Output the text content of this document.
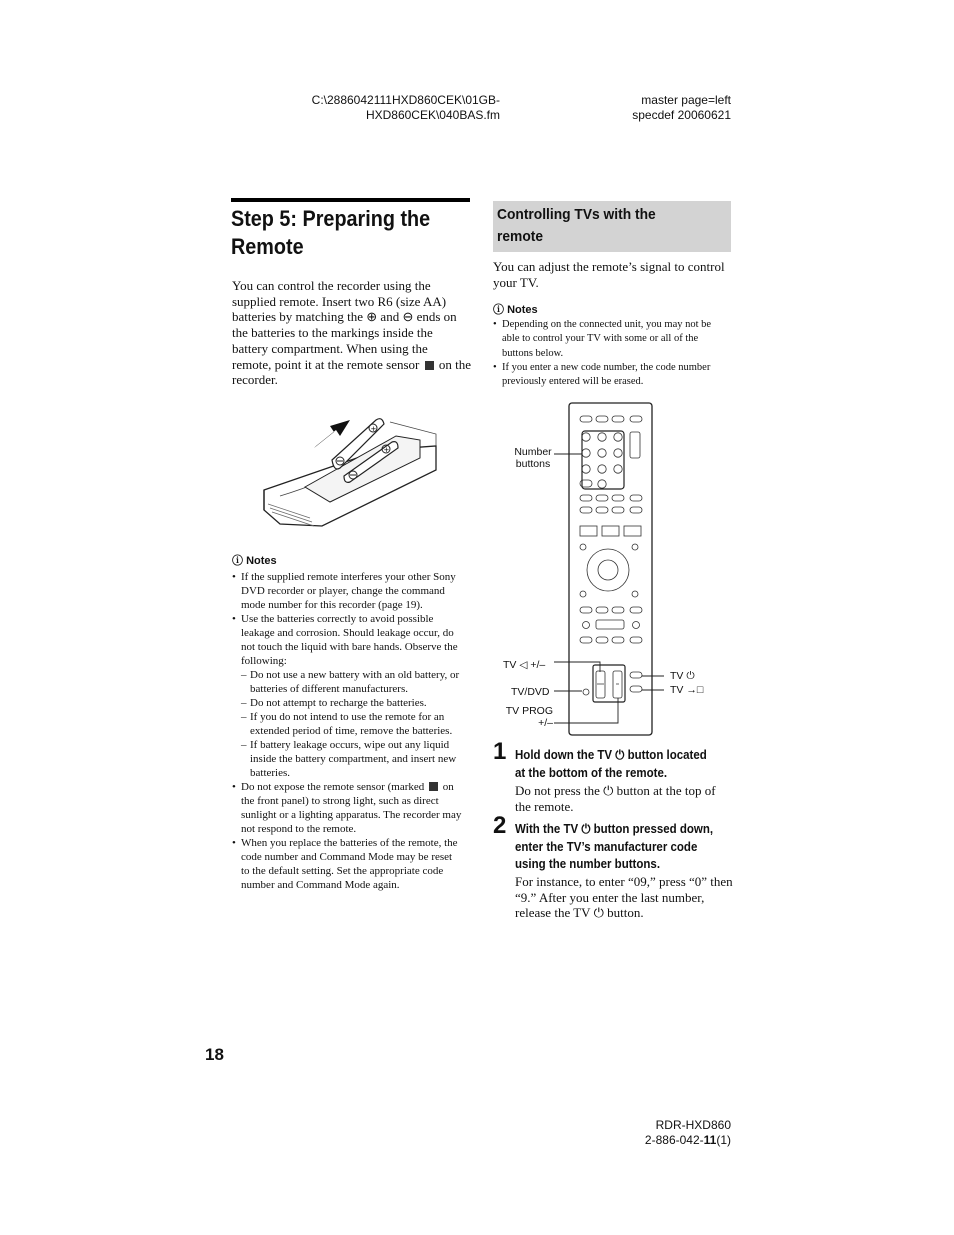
C:\2886042111HXD860CEK\01GB-
HXD860CEK\040BAS.fm
master page=left
specdef 20060621
Step 5: Preparing the
Remote
You can control the recorder using the
supplied remote. Insert two R6 (size AA)
batteries by matching the ⊕ and ⊖ ends on
the batteries to the markings inside the
battery compartment. When using the
remote, point it at the remote sensor on the
recorder.
+
+
ⓘ Notes
• If the supplied remote interferes your other Sony
DVD recorder or player, change the command
mode number for this recorder (page 19).
• Use the batteries correctly to avoid possible
leakage and corrosion. Should leakage occur, do
not touch the liquid with bare hands. Observe the
following:
– Do not use a new battery with an old battery, or
batteries of different manufacturers.
– Do not attempt to recharge the batteries.
– If you do not intend to use the remote for an
extended period of time, remove the batteries.
– If battery leakage occurs, wipe out any liquid
inside the battery compartment, and insert new
batteries.
• Do not expose the remote sensor (marked on
the front panel) to strong light, such as direct
sunlight or a lighting apparatus. The recorder may
not respond to the remote.
• When you replace the batteries of the remote, the
code number and Command Mode may be reset
to the default setting. Set the appropriate code
number and Command Mode again.
Controlling TVs with the
remote
You can adjust the remote’s signal to control
your TV.
ⓘ Notes
• Depending on the connected unit, you may not be
able to control your TV with some or all of the
buttons below.
• If you enter a new code number, the code number
previously entered will be erased.
Number
buttons
TV ◁ +/–
TV/DVD
TV PROG
+/–
TV ⏻
TV →□
1 Hold down the TV ⏻ button located
at the bottom of the remote.
Do not press the ⏻ button at the top of
the remote.
2 With the TV ⏻ button pressed down,
enter the TV’s manufacturer code
using the number buttons.
For instance, to enter “09,” press “0” then
“9.” After you enter the last number,
release the TV ⏻ button.
18
RDR-HXD860
2-886-042-11(1)
